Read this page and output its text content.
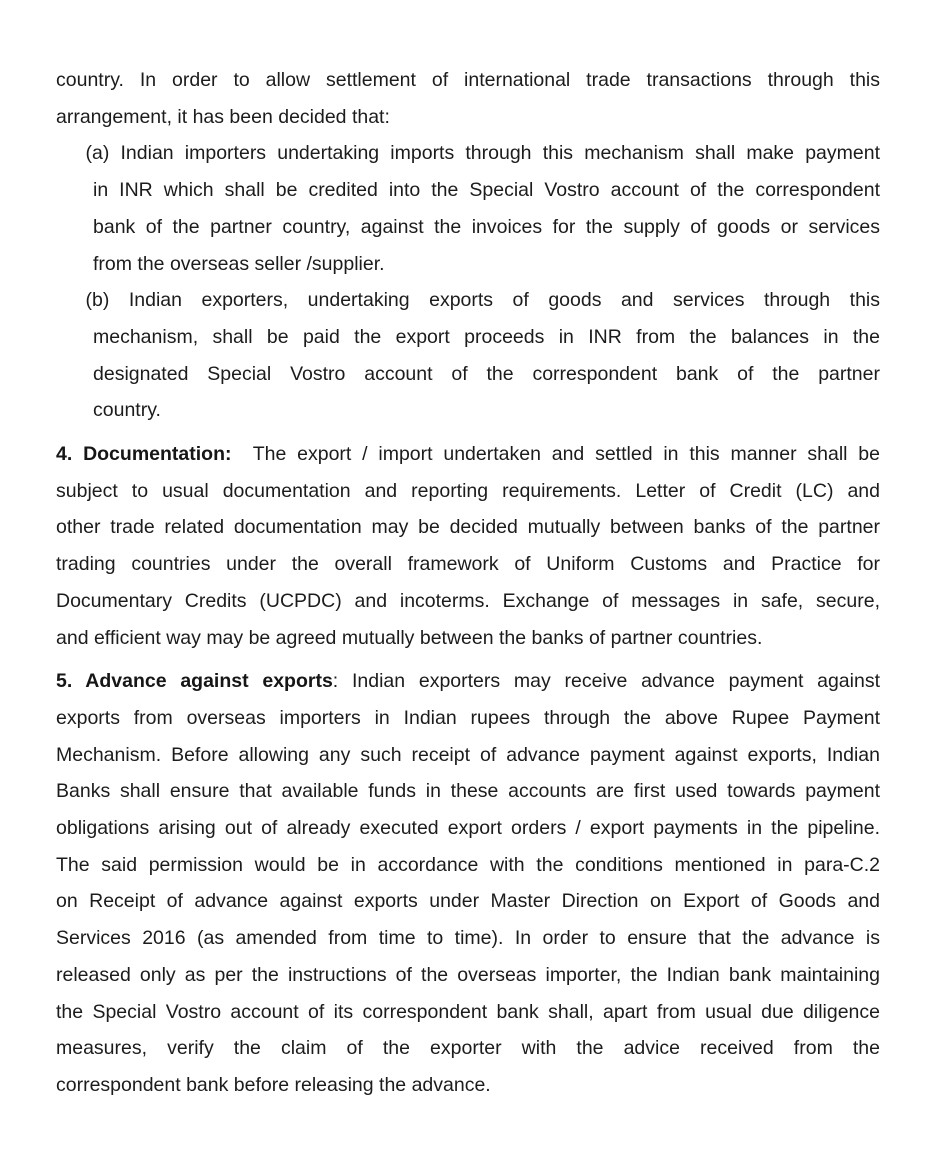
country. In order to allow settlement of international trade transactions through this
arrangement, it has been decided that:
(a) Indian importers undertaking imports through this mechanism shall make payment
in INR which shall be credited into the Special Vostro account of the correspondent
bank of the partner country, against the invoices for the supply of goods or services
from the overseas seller /supplier.
(b) Indian exporters, undertaking exports of goods and services through this
mechanism, shall be paid the export proceeds in INR from the balances in the
designated Special Vostro account of the correspondent bank of the partner
country.
4. Documentation:  The export / import undertaken and settled in this manner shall be
subject to usual documentation and reporting requirements. Letter of Credit (LC) and
other trade related documentation may be decided mutually between banks of the partner
trading countries under the overall framework of Uniform Customs and Practice for
Documentary Credits (UCPDC) and incoterms. Exchange of messages in safe, secure,
and efficient way may be agreed mutually between the banks of partner countries.
5. Advance against exports: Indian exporters may receive advance payment against
exports from overseas importers in Indian rupees through the above Rupee Payment
Mechanism. Before allowing any such receipt of advance payment against exports, Indian
Banks shall ensure that available funds in these accounts are first used towards payment
obligations arising out of already executed export orders / export payments in the pipeline.
The said permission would be in accordance with the conditions mentioned in para-C.2
on Receipt of advance against exports under Master Direction on Export of Goods and
Services 2016 (as amended from time to time). In order to ensure that the advance is
released only as per the instructions of the overseas importer, the Indian bank maintaining
the Special Vostro account of its correspondent bank shall, apart from usual due diligence
measures, verify the claim of the exporter with the advice received from the
correspondent bank before releasing the advance.
